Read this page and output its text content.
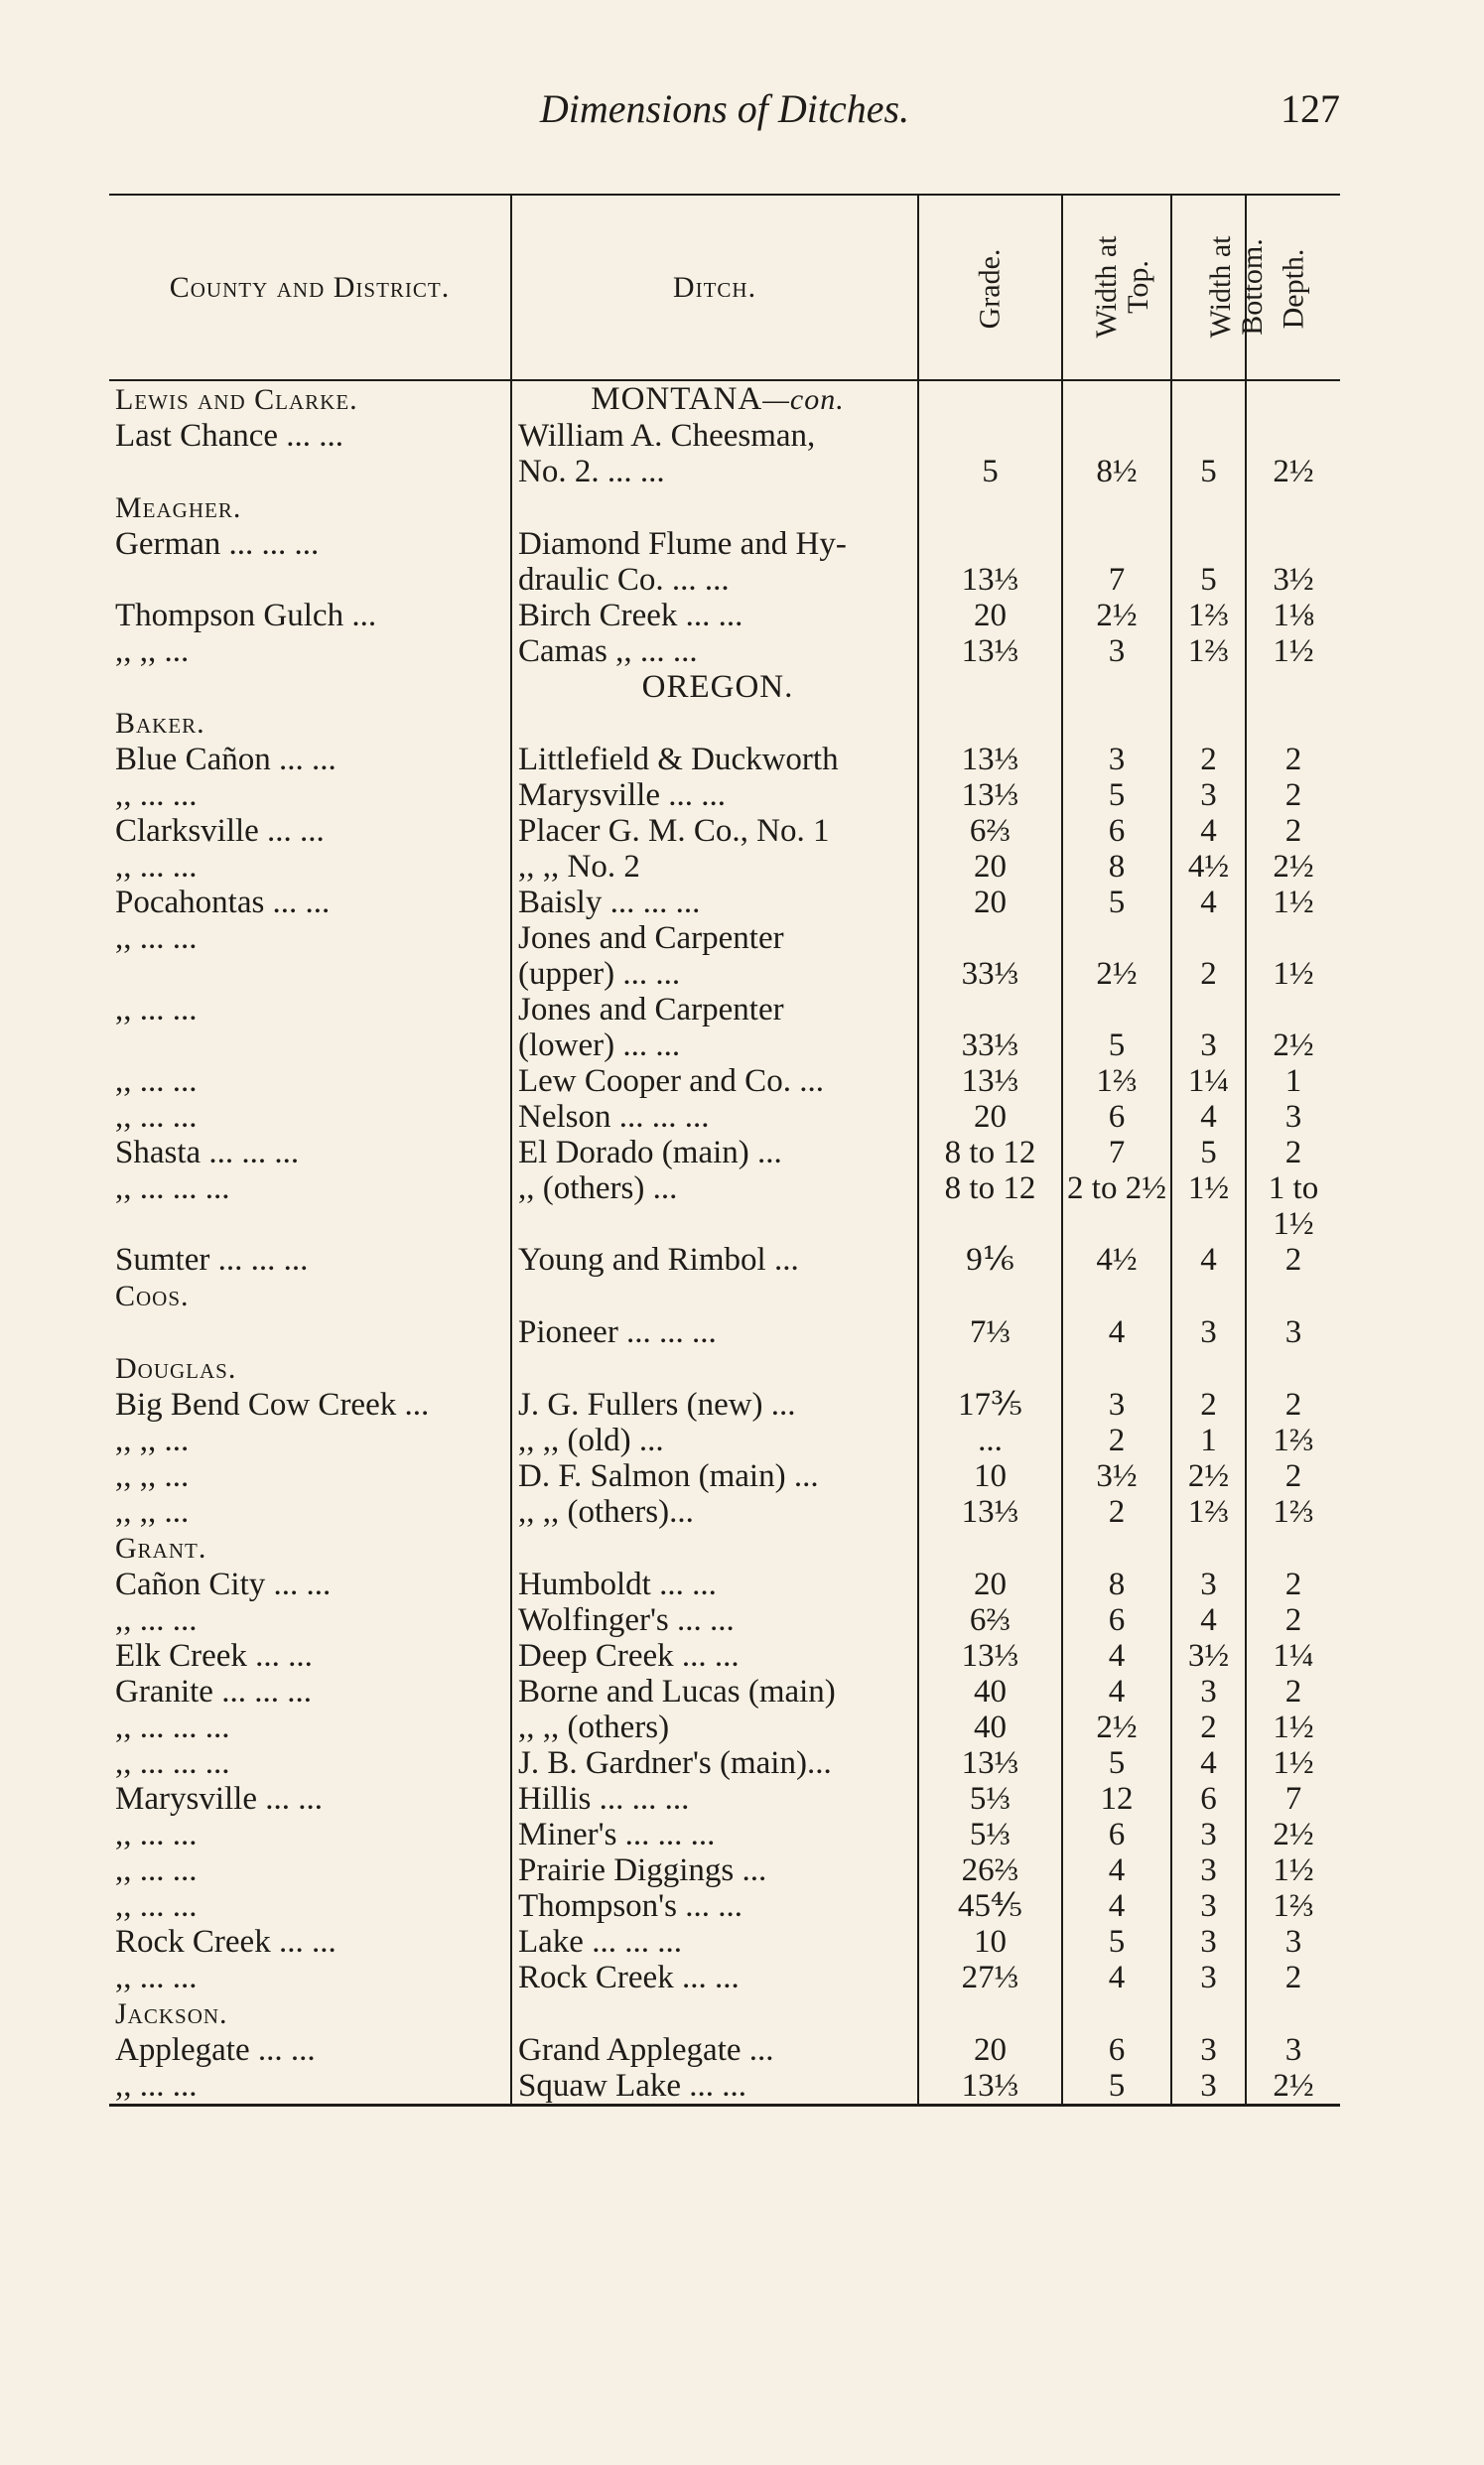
Dimensions of Ditches.	127
County and District.	Ditch.	Grade.	Width at Top.	Width at Bottom.	Depth.
Lewis and Clarke.	MONTANA—con.				

Last Chance ... ...	William A. Cheesman,				
	No. 2. ... ...	5	8½	5	2½
Meagher.					
German ... ... ...	Diamond Flume and Hy-				
	draulic Co. ... ...	13⅓	7	5	3½
Thompson Gulch ...	Birch Creek ... ...	20	2½	1⅔	1⅛
,, ,, ...	Camas ,, ... ...	13⅓	3	1⅔	1½

	OREGON.				

Baker.					
Blue Cañon ... ...	Littlefield & Duckworth	13⅓	3	2	2
,, ... ...	Marysville ... ...	13⅓	5	3	2
Clarksville ... ...	Placer G. M. Co., No. 1	6⅔	6	4	2
,, ... ...	,, ,, No. 2	20	8	4½	2½
Pocahontas ... ...	Baisly ... ... ...	20	5	4	1½
,, ... ...	Jones and Carpenter				
	(upper) ... ...	33⅓	2½	2	1½
,, ... ...	Jones and Carpenter				
	(lower) ... ...	33⅓	5	3	2½
,, ... ...	Lew Cooper and Co. ...	13⅓	1⅔	1¼	1
,, ... ...	Nelson ... ... ...	20	6	4	3
Shasta ... ... ...	El Dorado (main) ...	8 to 12	7	5	2
,, ... ... ...	,, (others) ...	8 to 12	2 to 2½	1½	1 to
					1½
Sumter ... ... ...	Young and Rimbol ...	9⅙	4½	4	2
Coos.					
	Pioneer ... ... ...	7⅓	4	3	3
Douglas.					
Big Bend Cow Creek ...	J. G. Fullers (new) ...	17⅗	3	2	2
,, ,, ...	,, ,, (old) ...	...	2	1	1⅔
,, ,, ...	D. F. Salmon (main) ...	10	3½	2½	2
,, ,, ...	,, ,, (others)...	13⅓	2	1⅔	1⅔
Grant.					
Cañon City ... ...	Humboldt ... ...	20	8	3	2
,, ... ...	Wolfinger's ... ...	6⅔	6	4	2
Elk Creek ... ...	Deep Creek ... ...	13⅓	4	3½	1¼
Granite ... ... ...	Borne and Lucas (main)	40	4	3	2
,, ... ... ...	,, ,, (others)	40	2½	2	1½
,, ... ... ...	J. B. Gardner's (main)...	13⅓	5	4	1½
Marysville ... ...	Hillis ... ... ...	5⅓	12	6	7
,, ... ...	Miner's ... ... ...	5⅓	6	3	2½
,, ... ...	Prairie Diggings ...	26⅔	4	3	1½
,, ... ...	Thompson's ... ...	45⅘	4	3	1⅔
Rock Creek ... ...	Lake ... ... ...	10	5	3	3
,, ... ...	Rock Creek ... ...	27⅓	4	3	2
Jackson.					
Applegate ... ...	Grand Applegate ...	20	6	3	3
,, ... ...	Squaw Lake ... ...	13⅓	5	3	2½
